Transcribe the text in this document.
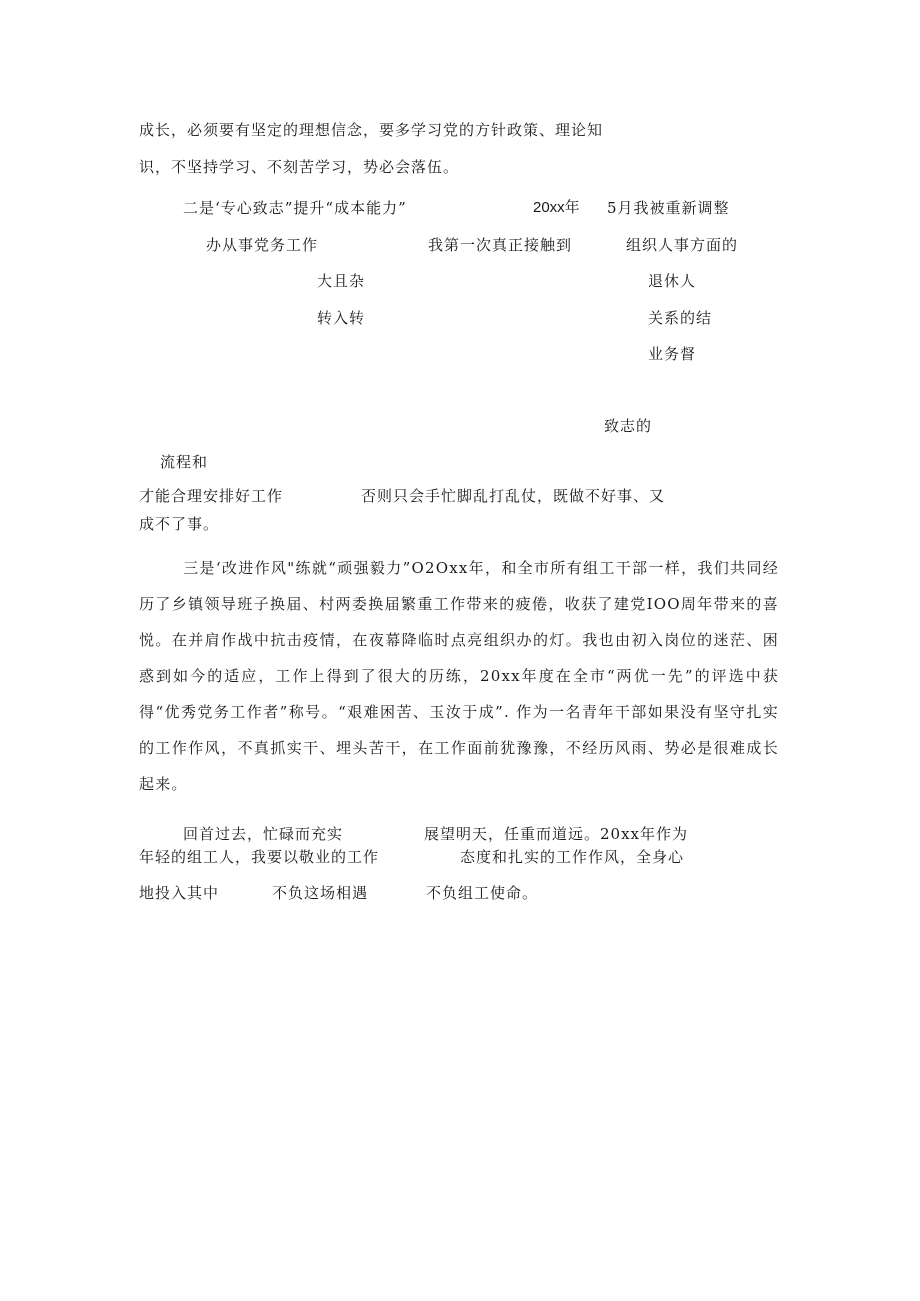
成长，必须要有坚定的理想信念，要多学习党的方针政策、理论知
识，不坚持学习、不刻苦学习，势必会落伍。
二是‘专心致志”提升“成本能力”	20xx年 5月我被重新调整
办从事党务工作	我第一次真正接触到	组织人事方面的
大且杂	退休人
转入转	关系的结
业务督
致志的
流程和
才能合理安排好工作	否则只会手忙脚乱打乱仗，既做不好事、又
成不了事。
三是‘改进作风"练就“顽强毅力”O2Oxx年，和全市所有组工干部一样，我们共同经历了乡镇领导班子换届、村两委换届繁重工作带来的疲倦，收获了建党IOO周年带来的喜悦。在并肩作战中抗击疫情，在夜幕降临时点亮组织办的灯。我也由初入岗位的迷茫、困惑到如今的适应，工作上得到了很大的历练，20xx年度在全市“两优一先”的评选中获得“优秀党务工作者”称号。“艰难困苦、玉汝于成”. 作为一名青年干部如果没有坚守扎实的工作作风，不真抓实干、埋头苦干，在工作面前犹豫豫，不经历风雨、势必是很难成长起来。
回首过去，忙碌而充实	展望明天，任重而道远。20xx年作为
年轻的组工人，我要以敬业的工作	态度和扎实的工作作风，全身心
地投入其中	不负这场相遇	不负组工使命。
